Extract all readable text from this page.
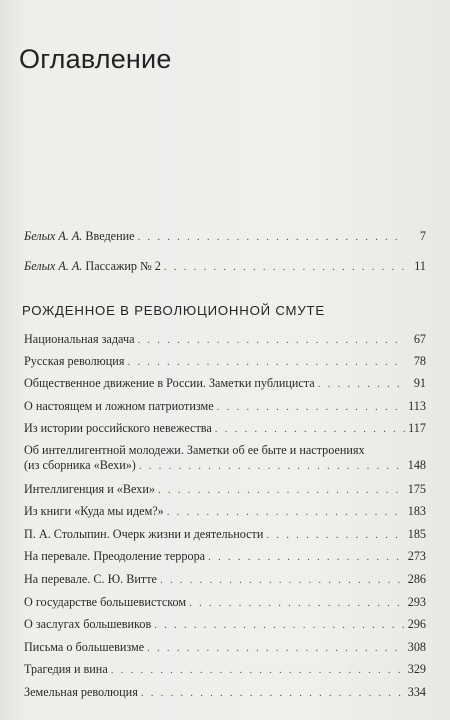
Оглавление
Белых А. А. Введение . . .	7
Белых А. А. Пассажир № 2 . . .	11
РОЖДЕННОЕ В РЕВОЛЮЦИОННОЙ СМУТЕ
Национальная задача . . .	67
Русская революция . . .	78
Общественное движение в России. Заметки публициста . . .	91
О настоящем и ложном патриотизме . . .	113
Из истории российского невежества . . .	117
Об интеллигентной молодежи. Заметки об ее быте и настроениях
(из сборника «Вехи») . . .	148
Интеллигенция и «Вехи» . . .	175
Из книги «Куда мы идем?» . . .	183
П. А. Столыпин. Очерк жизни и деятельности . . .	185
На перевале. Преодоление террора . . .	273
На перевале. С. Ю. Витте . . .	286
О государстве большевистском . . .	293
О заслугах большевиков . . .	296
Письма о большевизме . . .	308
Трагедия и вина . . .	329
Земельная революция . . .	334
